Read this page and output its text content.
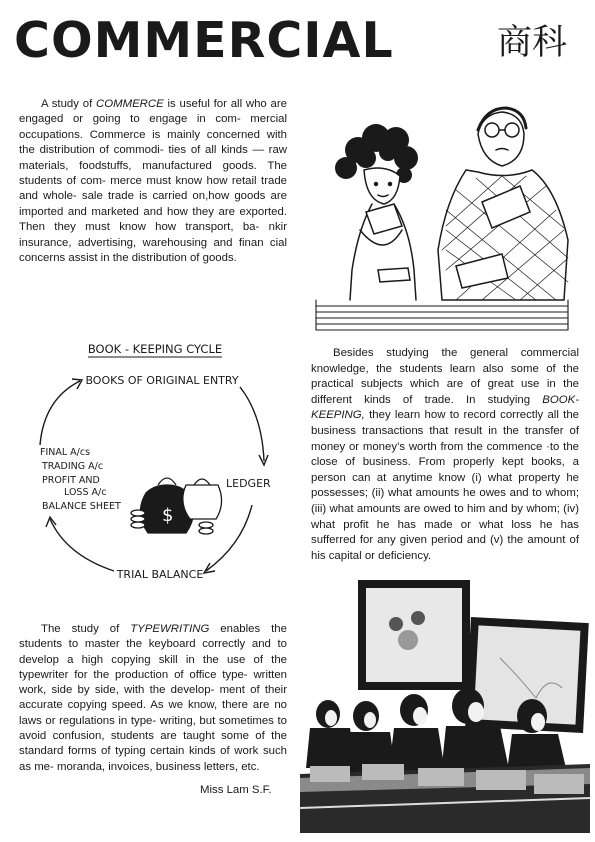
COMMERCIAL	商科
A study of COMMERCE is useful for all who are engaged or going to engage in com- mercial occupations. Commerce is mainly concerned with the distribution of commodi- ties of all kinds — raw materials, foodstuffs, manufactured goods. The students of com- merce must know how retail trade and whole- sale trade is carried on,how goods are imported and marketed and how they are exported. Then they must know how transport, ba- nkir insurance, advertising, warehousing and finan cial concerns assist in the distribution of goods.
Besides studying the general commercial knowledge, the students learn also some of the practical subjects which are of great use in the different kinds of trade. In studying BOOK- KEEPING, they learn how to record correctly all the business transactions that result in the transfer of money or money’s worth from the commence ·to the close of business. From properly kept books, a person can at anytime know (i) what property he possesses; (ii) what amounts he owes and to whom; (iii) what amounts are owed to him and by whom; (iv) what profit he has made or what loss he has sufferred for any given period and (v) the amount of his capital or deficiency.
BOOK - KEEPING CYCLE
BOOKS OF ORIGINAL ENTRY
LEDGER
TRIAL BALANCE
FINAL A/cs
TRADING A/c
PROFIT AND
LOSS A/c
BALANCE SHEET $
The study of TYPEWRITING enables the students to master the keyboard correctly and to develop a high copying skill in the use of the typewriter for the production of office type- written work, side by side, with the develop- ment of their accurate copying speed. As we know, there are no laws or regulations in type- writing, but sometimes to avoid confusion, students are taught some of the standard forms of typing certain kinds of work such as me- moranda, invoices, business letters, etc.
Miss Lam S.F.
